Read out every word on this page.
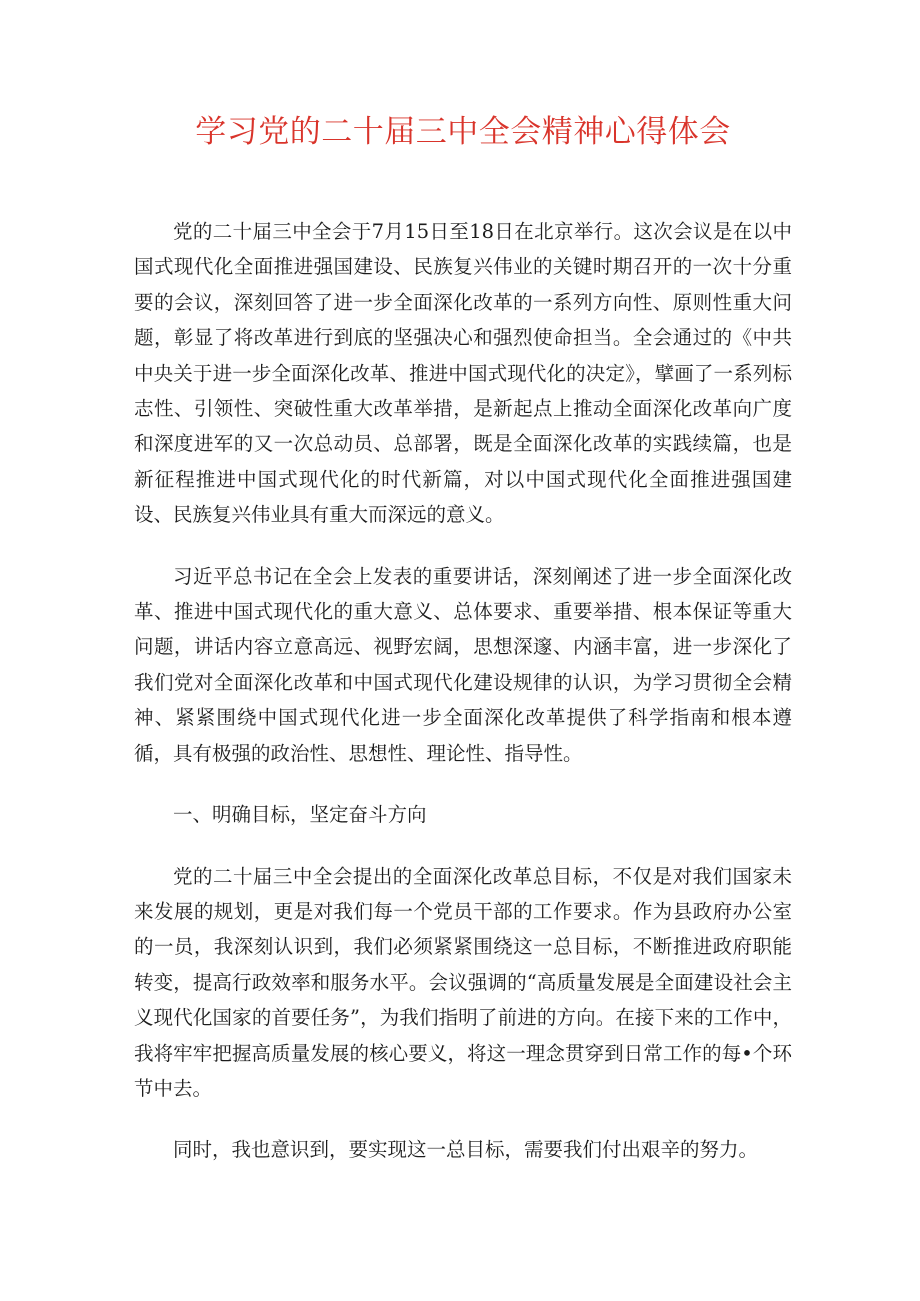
学习党的二十届三中全会精神心得体会

党的二十届三中全会于7月15日至18日在北京举行。这次会议是在以中国式现代化全面推进强国建设、民族复兴伟业的关键时期召开的一次十分重要的会议，深刻回答了进一步全面深化改革的一系列方向性、原则性重大问题，彰显了将改革进行到底的坚强决心和强烈使命担当。全会通过的《中共中央关于进一步全面深化改革、推进中国式现代化的决定》，擘画了一系列标志性、引领性、突破性重大改革举措，是新起点上推动全面深化改革向广度和深度进军的又一次总动员、总部署，既是全面深化改革的实践续篇，也是新征程推进中国式现代化的时代新篇，对以中国式现代化全面推进强国建设、民族复兴伟业具有重大而深远的意义。

习近平总书记在全会上发表的重要讲话，深刻阐述了进一步全面深化改革、推进中国式现代化的重大意义、总体要求、重要举措、根本保证等重大问题，讲话内容立意高远、视野宏阔，思想深邃、内涵丰富，进一步深化了我们党对全面深化改革和中国式现代化建设规律的认识，为学习贯彻全会精神、紧紧围绕中国式现代化进一步全面深化改革提供了科学指南和根本遵循，具有极强的政治性、思想性、理论性、指导性。

一、明确目标，坚定奋斗方向

党的二十届三中全会提出的全面深化改革总目标，不仅是对我们国家未来发展的规划，更是对我们每一个党员干部的工作要求。作为县政府办公室的一员，我深刻认识到，我们必须紧紧围绕这一总目标，不断推进政府职能转变，提高行政效率和服务水平。会议强调的“高质量发展是全面建设社会主义现代化国家的首要任务”，为我们指明了前进的方向。在接下来的工作中，我将牢牢把握高质量发展的核心要义，将这一理念贯穿到日常工作的每•个环节中去。

同时，我也意识到，要实现这一总目标，需要我们付出艰辛的努力。
